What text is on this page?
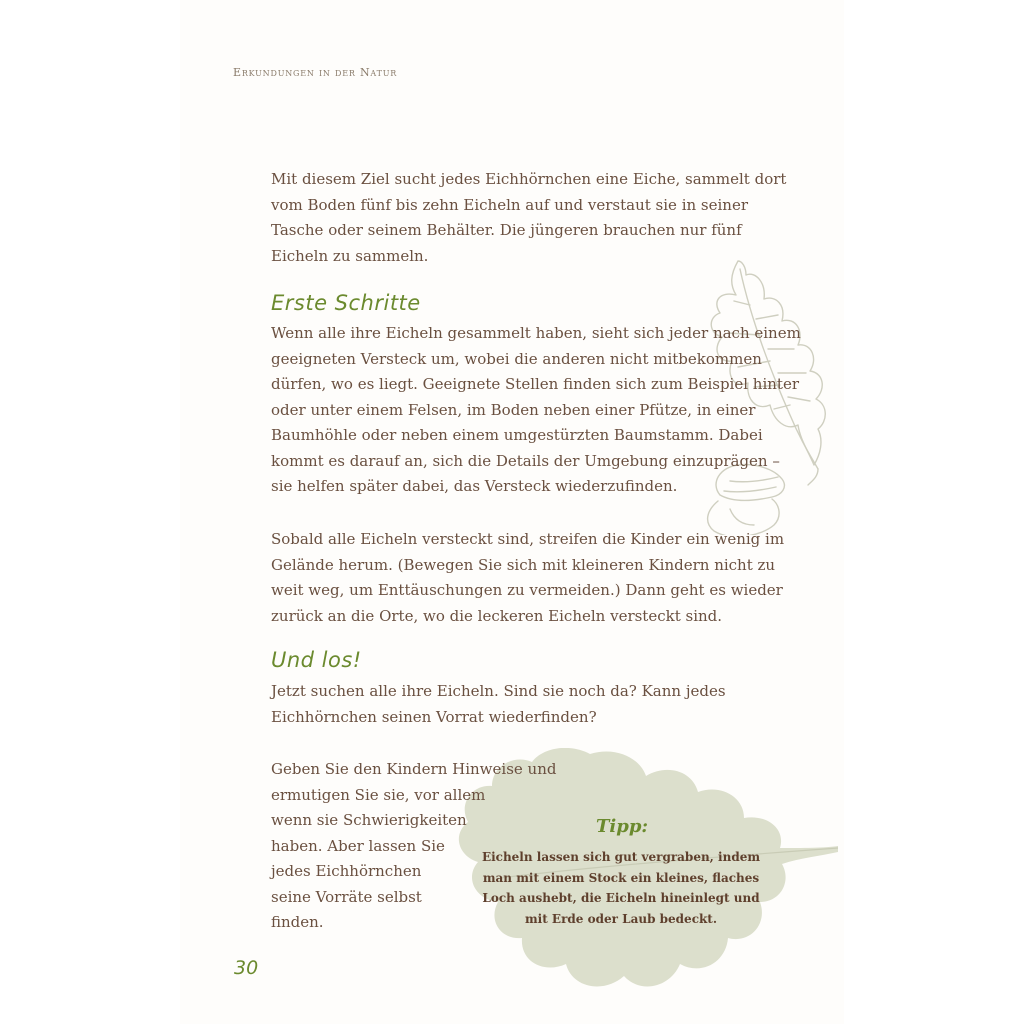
Erkundungen in der Natur

Mit diesem Ziel sucht jedes Eichhörnchen eine Eiche, sammelt dort
vom Boden fünf bis zehn Eicheln auf und verstaut sie in seiner
Tasche oder seinem Behälter. Die jüngeren brauchen nur fünf
Eicheln zu sammeln.

Erste Schritte

Wenn alle ihre Eicheln gesammelt haben, sieht sich jeder nach einem
geeigneten Versteck um, wobei die anderen nicht mitbekommen
dürfen, wo es liegt. Geeignete Stellen finden sich zum Beispiel hinter
oder unter einem Felsen, im Boden neben einer Pfütze, in einer
Baumhöhle oder neben einem umgestürzten Baumstamm. Dabei
kommt es darauf an, sich die Details der Umgebung einzuprägen –
sie helfen später dabei, das Versteck wiederzufinden.

Sobald alle Eicheln versteckt sind, streifen die Kinder ein wenig im
Gelände herum. (Bewegen Sie sich mit kleineren Kindern nicht zu
weit weg, um Enttäuschungen zu vermeiden.) Dann geht es wieder
zurück an die Orte, wo die leckeren Eicheln versteckt sind.

Und los!

Jetzt suchen alle ihre Eicheln. Sind sie noch da? Kann jedes
Eichhörnchen seinen Vorrat wiederfinden?

Geben Sie den Kindern Hinweise und
ermutigen Sie sie, vor allem
wenn sie Schwierigkeiten
haben. Aber lassen Sie
jedes Eichhörnchen
seine Vorräte selbst
finden.

Tipp:
Eicheln lassen sich gut vergraben, indem
man mit einem Stock ein kleines, flaches
Loch aushebt, die Eicheln hineinlegt und
mit Erde oder Laub bedeckt.
30
